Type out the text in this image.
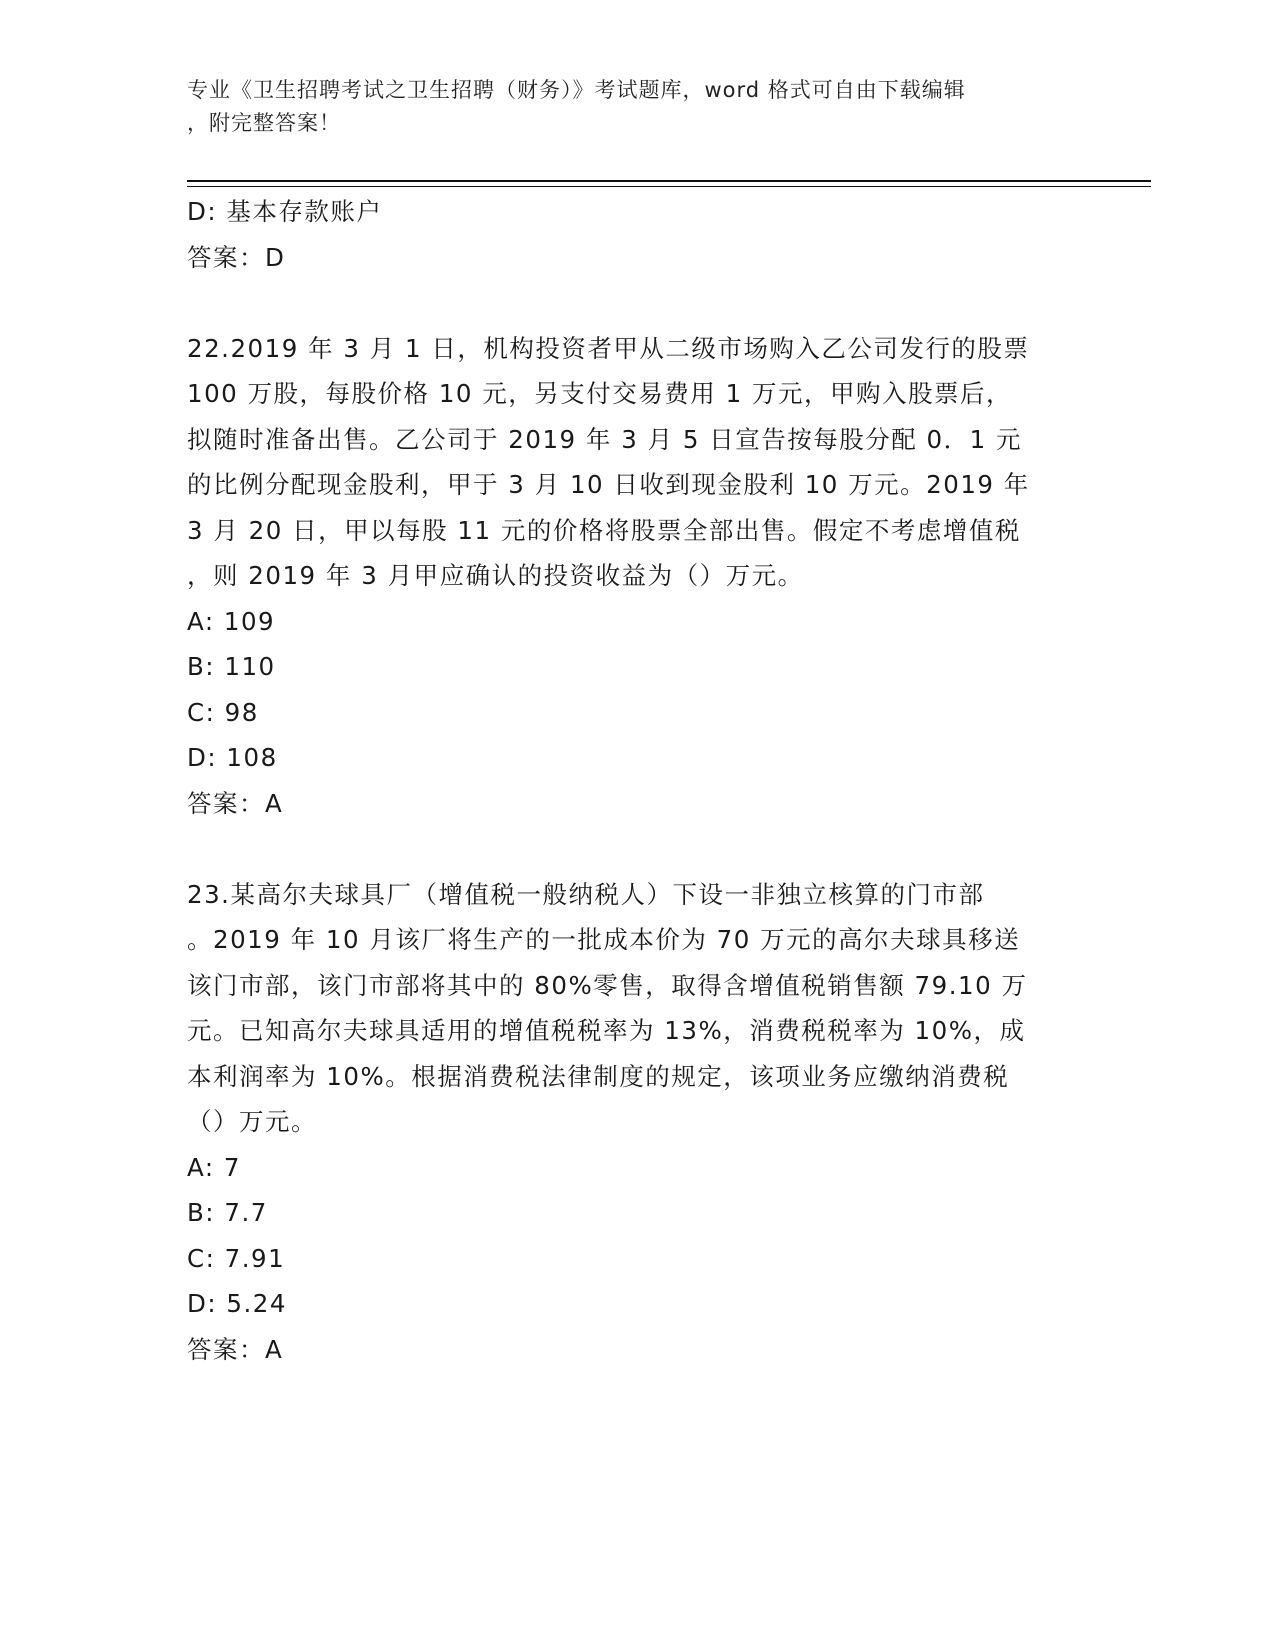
专业《卫生招聘考试之卫生招聘（财务）》考试题库，word 格式可自由下载编辑
，附完整答案！
D: 基本存款账户
答案：D
22.2019 年 3 月 1 日，机构投资者甲从二级市场购入乙公司发行的股票
100 万股，每股价格 10 元，另支付交易费用 1 万元，甲购入股票后，
拟随时准备出售。乙公司于 2019 年 3 月 5 日宣告按每股分配 0．1 元
的比例分配现金股利，甲于 3 月 10 日收到现金股利 10 万元。2019 年
3 月 20 日，甲以每股 11 元的价格将股票全部出售。假定不考虑增值税
，则 2019 年 3 月甲应确认的投资收益为（）万元。
A: 109
B: 110
C: 98
D: 108
答案：A
23.某高尔夫球具厂（增值税一般纳税人）下设一非独立核算的门市部
。2019 年 10 月该厂将生产的一批成本价为 70 万元的高尔夫球具移送
该门市部，该门市部将其中的 80%零售，取得含增值税销售额 79.10 万
元。已知高尔夫球具适用的增值税税率为 13%，消费税税率为 10%，成
本利润率为 10%。根据消费税法律制度的规定，该项业务应缴纳消费税
（）万元。
A: 7
B: 7.7
C: 7.91
D: 5.24
答案：A
